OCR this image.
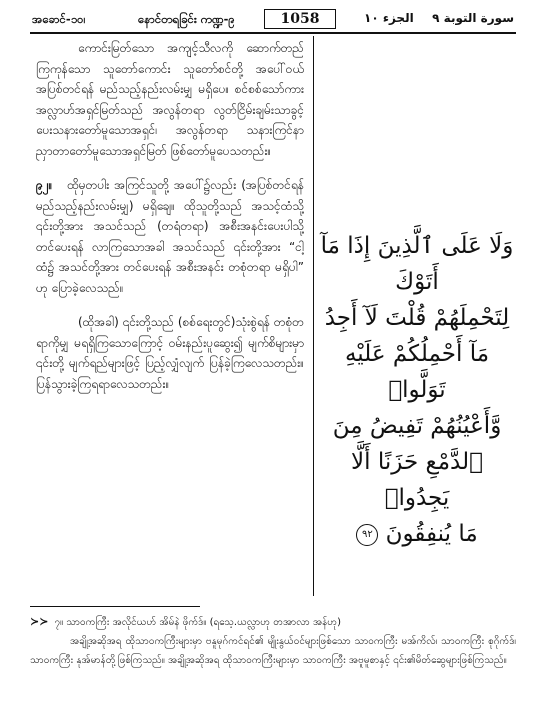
အခောင်-၁၀၊	နောင်တရခြင်း ကဏ္ဍ-၉	1058	الجزء ١٠ سورة التوبة ٩

ကောင်းမြတ်သော အကျင့်သီလကို ဆောက်တည်ကြကုန်သော သူတော်ကောင်း သူတော်စင်တို့ အပေါ်ဝယ် အပြစ်တင်ရန် မည်သည့်နည်းလမ်းမျှ မရှိပေ။ စင်စစ်သော်ကား အလ္လာဟ်အရှင်မြတ်သည် အလွန်တရာ လွတ်ငြိမ်းချမ်းသာခွင့် ပေးသနားတော်မူသောအရှင်၊ အလွန်တရာ သနားကြင်နာ ညှာတာတော်မူသောအရှင်မြတ် ဖြစ်တော်မူပေသတည်း။

၉၂။ ထိုမှတပါး အကြင်သူတို့ အပေါ်၌လည်း (အပြစ်တင်ရန် မည်သည့်နည်းလမ်းမျှ) မရှိချေ။ ထိုသူတို့သည် အသင့်ထံသို့ ၎င်းတို့အား အသင်သည် (တရံတရာ) အစီးအနင်းပေးပါသို့ တင်ပေးရန် လာကြသောအခါ အသင်သည် ၎င်းတို့အား “ငါ့ထံ၌ အသင်တို့အား တင်ပေးရန် အစီးအနင်း တစုံတရာ မရှိပါ” ဟု ပြောခဲ့လေသည်။

(ထိုအခါ) ၎င်းတို့သည် (စစ်ရေးတွင်)သုံးစွဲရန် တစုံတရာကိုမျှ မရရှိကြသောကြောင့် ဝမ်းနည်းပူဆွေး၍ မျက်စိများမှာ ၎င်းတို့ မျက်ရည်များဖြင့် ပြည့်လျှံလျက် ပြန်ခဲ့ကြလေသတည်း။ ပြန်သွားခဲ့ကြရရာလေသတည်း။

وَلَا عَلَى ٱلَّذِينَ إِذَا مَآ أَتَوْكَ
لِتَحْمِلَهُمْ قُلْتَ لَآ أَجِدُ
مَآ أَحْمِلُكُمْ عَلَيْهِ تَوَلَّوا۟
وَّأَعْيُنُهُمْ تَفِيضُ مِنَ
ٱلدَّمْعِ حَزَنًا أَلَّا يَجِدُوا۟
مَا يُنفِقُونَ ٩٢
≻≻ ၇။ သာဝကကြီး အလိုင်ယဟ် အိမ်နဲ ဖိုက်ဒ်။ (ရသေ့.ယလ္လာဟု တအာလာ အန်ဟု)
အချို့အဆိုအရ ထိုသာဝကကြီးများမှာ ဗနူမုဂ်ကင်ရင်၏ မျိုးနွယ်ဝင်များဖြစ်သော သာဝကကြီး မအ်ကိလ်၊ သာဝကကြီး စုဂိုက်ဒ်၊ သာဝကကြီး နုအ်မာန်တို့ဖြစ်ကြသည်။ အချို့အဆိုအရ ထိုသာဝကကြီးများမှာ သာဝကကြီး အဗူမူစာနှင့် ၎င်း၏မိတ်ဆွေများဖြစ်ကြသည်။
